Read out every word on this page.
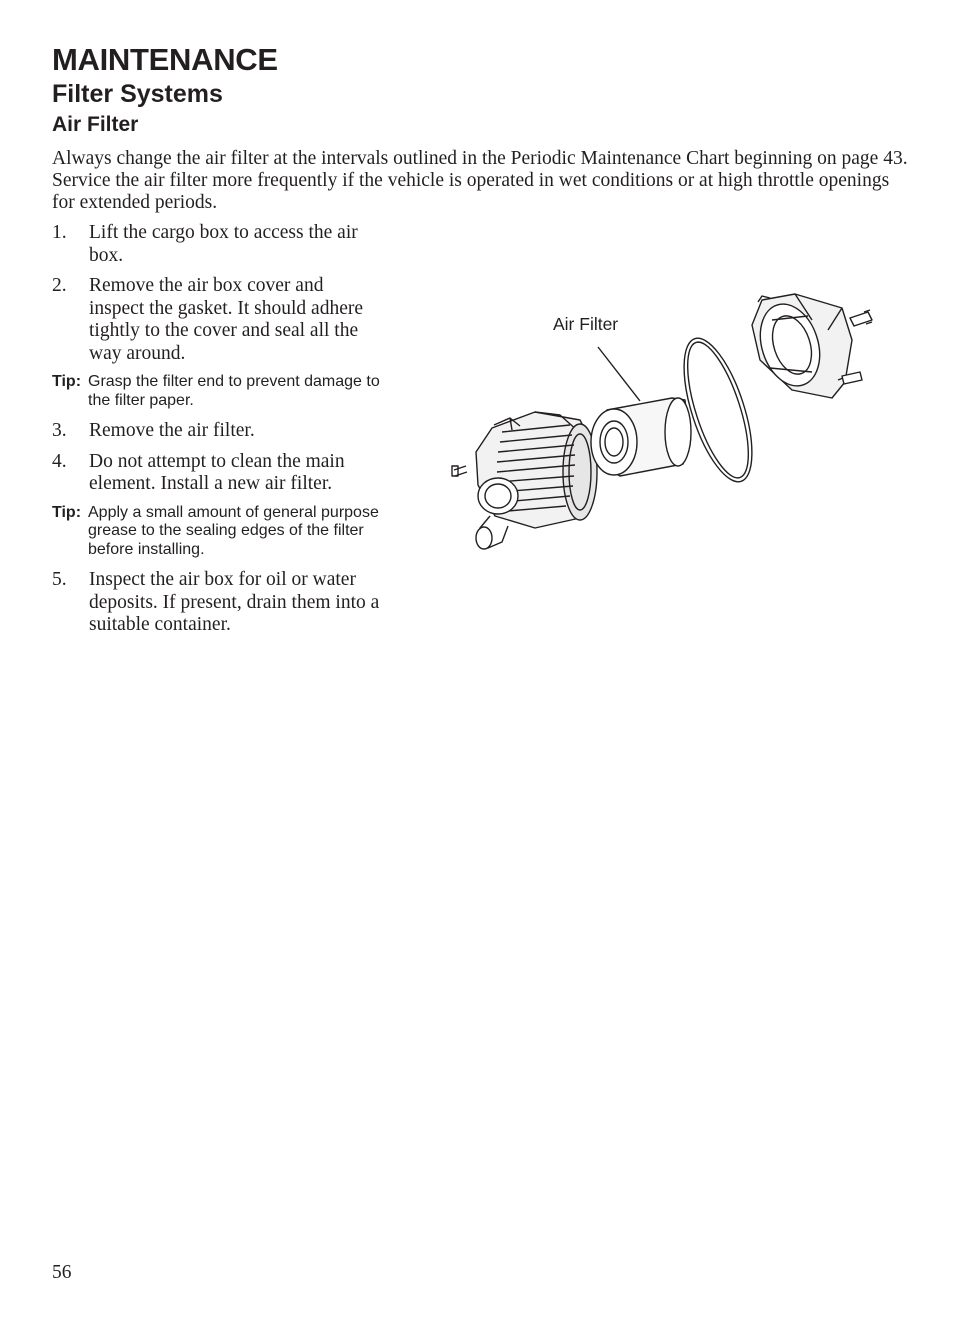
MAINTENANCE
Filter Systems
Air Filter

Always change the air filter at the intervals outlined in the Periodic Maintenance Chart beginning on page 43. Service the air filter more frequently if the vehicle is operated in wet conditions or at high throttle openings for extended periods.

1. Lift the cargo box to access the air box.
2. Remove the air box cover and inspect the gasket. It should adhere tightly to the cover and seal all the way around.
Tip: Grasp the filter end to prevent damage to the filter paper.
3. Remove the air filter.
4. Do not attempt to clean the main element. Install a new air filter.
Tip: Apply a small amount of general purpose grease to the sealing edges of the filter before installing.
5. Inspect the air box for oil or water deposits. If present, drain them into a suitable container.
Air Filter
56
